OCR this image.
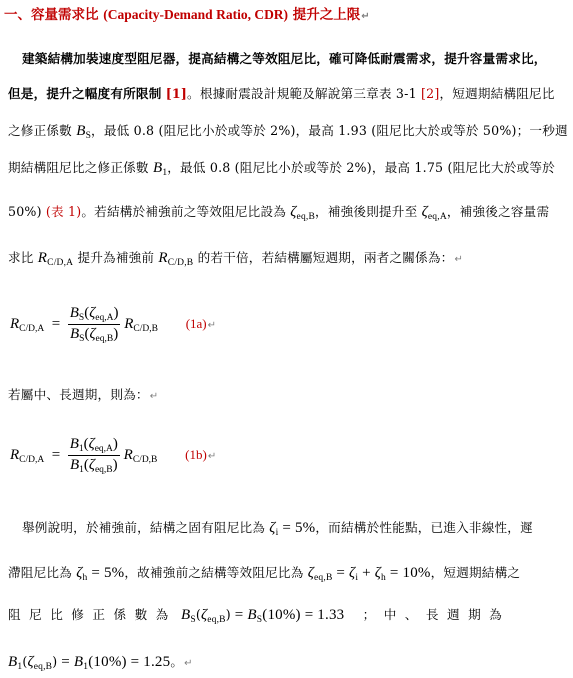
一、容量需求比 (Capacity-Demand Ratio, CDR) 提升之上限↵
建築結構加裝速度型阻尼器，提高結構之等效阻尼比，確可降低耐震需求，提升容量需求比，
但是，提升之幅度有所限制 [1]。根據耐震設計規範及解說第三章表 3-1 [2]，短週期結構阻尼比
之修正係數 $B_S$，最低 0.8 (阻尼比小於或等於 2%)，最高 1.93 (阻尼比大於或等於 50%)；一秒週
期結構阻尼比之修正係數 $B_1$，最低 0.8 (阻尼比小於或等於 2%)，最高 1.75 (阻尼比大於或等於
50%) (表 1)。若結構於補強前之等效阻尼比設為 $\zeta_{eq,B}$，補強後則提升至 $\zeta_{eq,A}$，補強後之容量需
求比 $R_{C/D,A}$ 提升為補強前 $R_{C/D,B}$ 的若干倍，若結構屬短週期，兩者之關係為：↵
$R_{C/D,A} = \frac{B_S(\zeta_{eq,A})}{B_S(\zeta_{eq,B})} R_{C/D,B}$ (1a)↵
若屬中、長週期，則為：↵
$R_{C/D,A} = \frac{B_1(\zeta_{eq,A})}{B_1(\zeta_{eq,B})} R_{C/D,B}$ (1b)↵
舉例說明，於補強前，結構之固有阻尼比為 $\zeta_i = 5\%$，而結構於性能點，已進入非線性，遲
滯阻尼比為 $\zeta_h = 5\%$，故補強前之結構等效阻尼比為 $\zeta_{eq,B} = \zeta_i + \zeta_h = 10\%$，短週期結構之
阻尼比修正係數為 $B_S(\zeta_{eq,B}) = B_S(10\%) = 1.33$ ；中、長週期為
$B_1(\zeta_{eq,B}) = B_1(10\%) = 1.25$。↵
